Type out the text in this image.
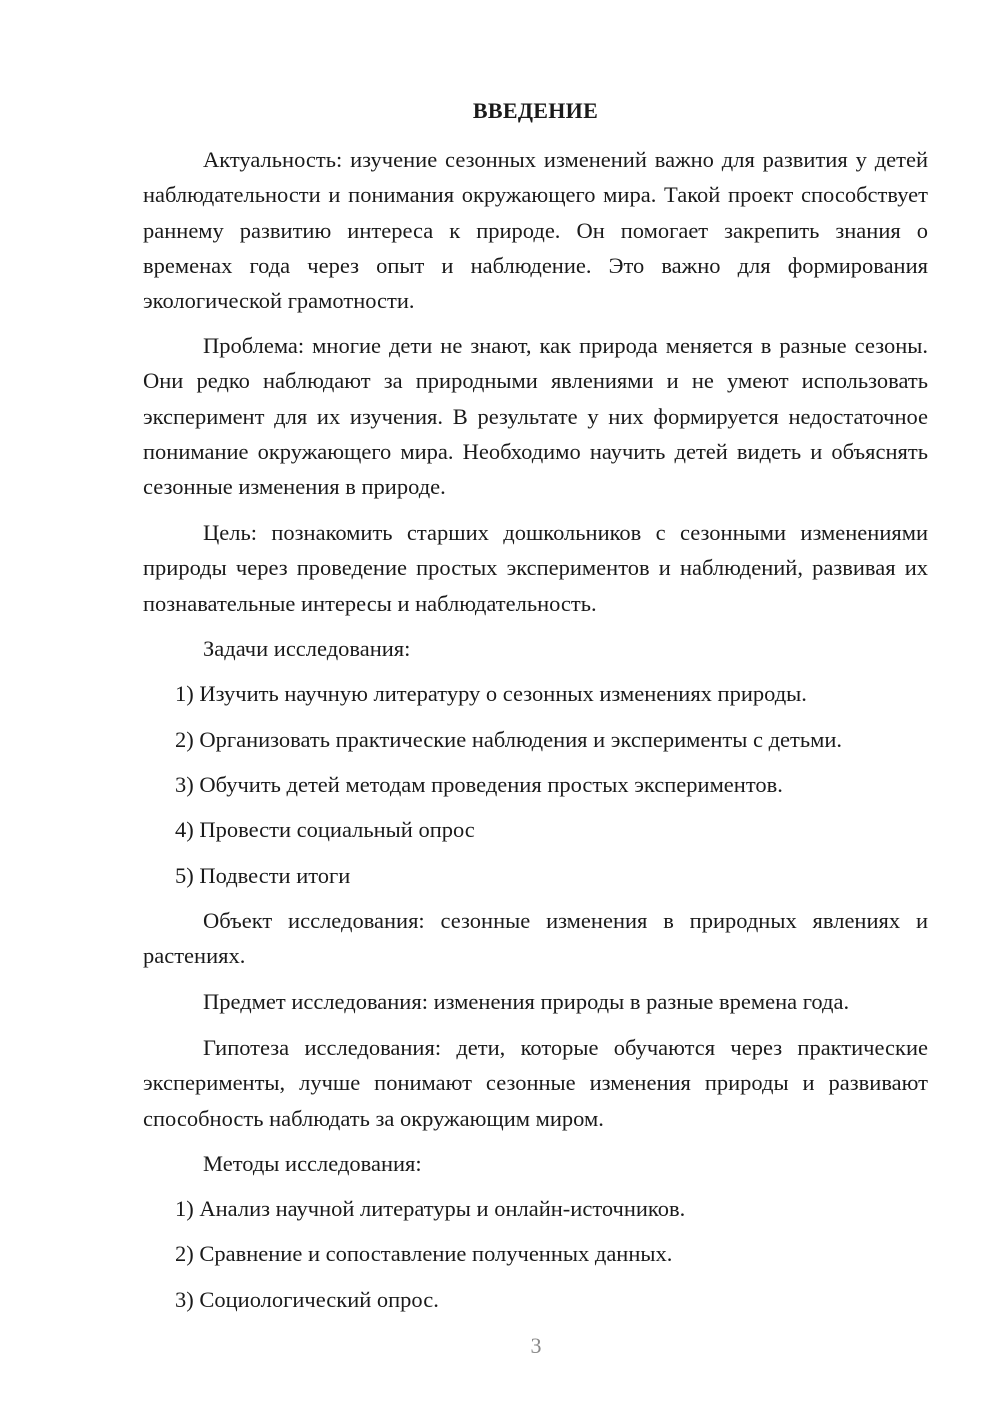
ВВЕДЕНИЕ

Актуальность: изучение сезонных изменений важно для развития у детей наблюдательности и понимания окружающего мира. Такой проект способствует раннему развитию интереса к природе. Он помогает закрепить знания о временах года через опыт и наблюдение. Это важно для формирования экологической грамотности.

Проблема: многие дети не знают, как природа меняется в разные сезоны. Они редко наблюдают за природными явлениями и не умеют использовать эксперимент для их изучения. В результате у них формируется недостаточное понимание окружающего мира. Необходимо научить детей видеть и объяснять сезонные изменения в природе.

Цель: познакомить старших дошкольников с сезонными изменениями природы через проведение простых экспериментов и наблюдений, развивая их познавательные интересы и наблюдательность.

Задачи исследования:

1) Изучить научную литературу о сезонных изменениях природы.

2) Организовать практические наблюдения и эксперименты с детьми.

3) Обучить детей методам проведения простых экспериментов.

4) Провести социальный опрос

5) Подвести итоги

Объект исследования: сезонные изменения в природных явлениях и растениях.

Предмет исследования: изменения природы в разные времена года.

Гипотеза исследования: дети, которые обучаются через практические эксперименты, лучше понимают сезонные изменения природы и развивают способность наблюдать за окружающим миром.

Методы исследования:

1) Анализ научной литературы и онлайн-источников.

2) Сравнение и сопоставление полученных данных.

3) Социологический опрос.

3
